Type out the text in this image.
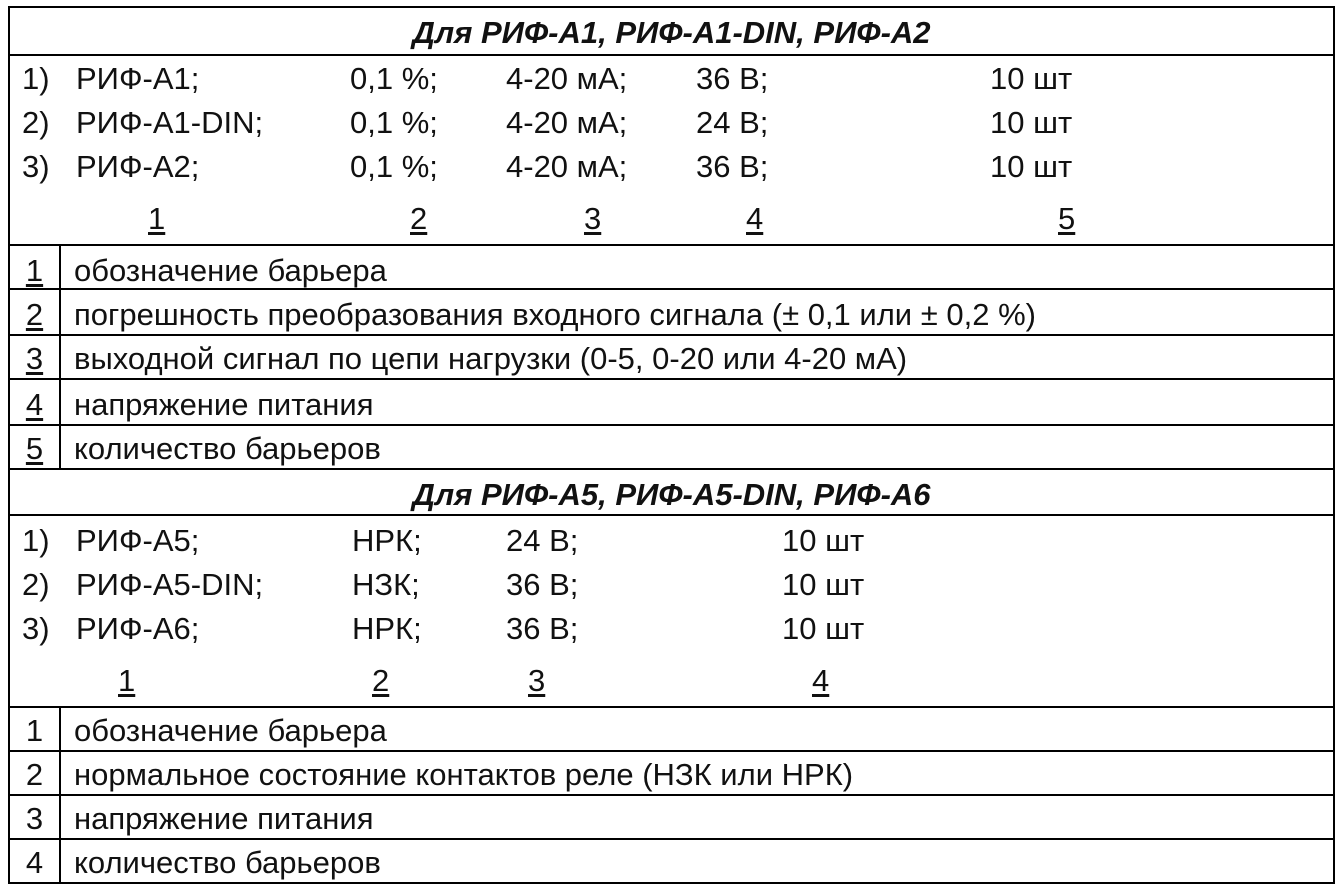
Для РИФ-А1, РИФ-А1-DIN, РИФ-А2
1) РИФ-А1;	0,1 %; 4-20 мА; 36 В;	10 шт
2) РИФ-А1-DIN;	0,1 %; 4-20 мА; 24 В;	10 шт
3) РИФ-А2;	0,1 %; 4-20 мА; 36 В;	10 шт
1	2	3	4	5
1 обозначение барьера
2 погрешность преобразования входного сигнала (± 0,1 или ± 0,2 %)
3 выходной сигнал по цепи нагрузки (0-5, 0-20 или 4-20 мА)
4 напряжение питания
5 количество барьеров
Для РИФ-А5, РИФ-А5-DIN, РИФ-А6
1) РИФ-А5;	НРК;	24 В;	10 шт
2) РИФ-А5-DIN;	НЗК;	36 В;	10 шт
3) РИФ-А6;	НРК;	36 В;	10 шт
1	2	3	4
1 обозначение барьера
2 нормальное состояние контактов реле (НЗК или НРК)
3 напряжение питания
4 количество барьеров
